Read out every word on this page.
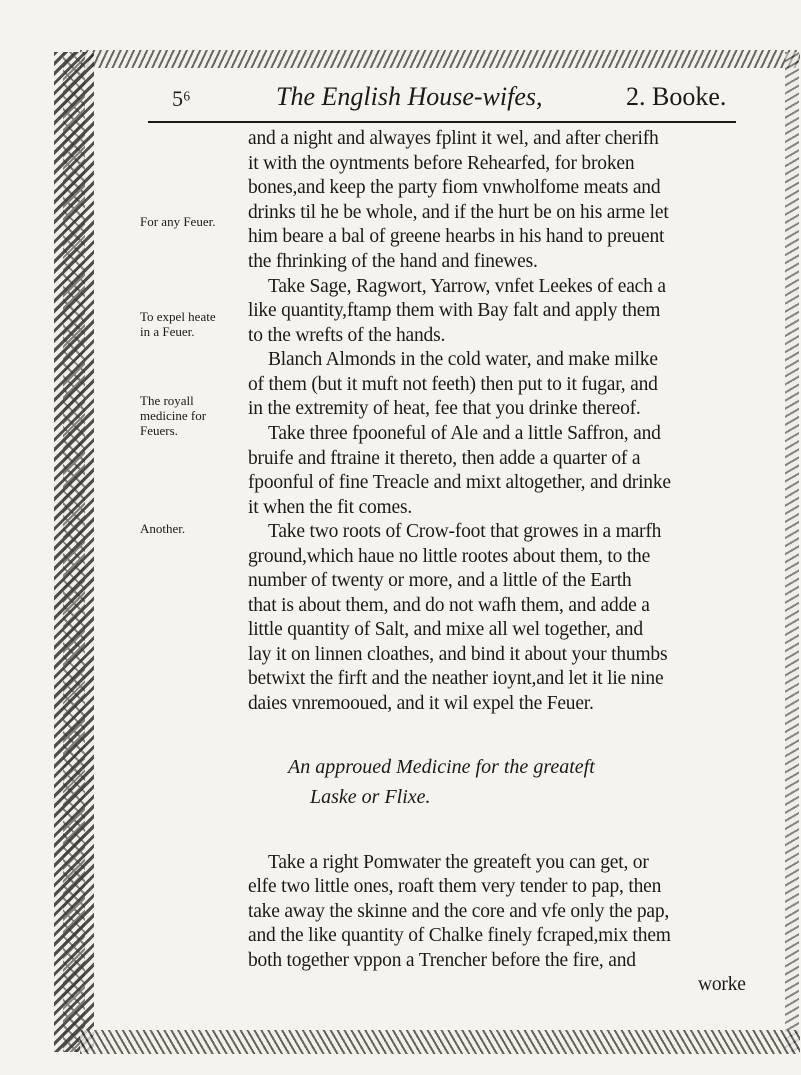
5⁶	The English House-wifes,	2. Booke.
For any Feuer.
To expel heate in a Feuer.
The royall medicine for Feuers.
Another.
and a night and alwayes fplint it wel, and after cherifh
it with the oyntments before Rehearfed, for broken
bones,and keep the party fiom vnwholfome meats and
drinks til he be whole, and if the hurt be on his arme let
him beare a bal of greene hearbs in his hand to preuent
the fhrinking of the hand and finewes.
Take Sage, Ragwort, Yarrow, vnfet Leekes of each a
like quantity,ftamp them with Bay falt and apply them
to the wrefts of the hands.
Blanch Almonds in the cold water, and make milke
of them (but it muft not feeth) then put to it fugar, and
in the extremity of heat, fee that you drinke thereof.
Take three fpooneful of Ale and a little Saffron, and
bruife and ftraine it thereto, then adde a quarter of a
fpoonful of fine Treacle and mixt altogether, and drinke
it when the fit comes.
Take two roots of Crow-foot that growes in a marfh
ground,which haue no little rootes about them, to the
number of twenty or more, and a little of the Earth
that is about them, and do not wafh them, and adde a
little quantity of Salt, and mixe all wel together, and
lay it on linnen cloathes, and bind it about your thumbs
betwixt the firft and the neather ioynt,and let it lie nine
daies vnremooued, and it wil expel the Feuer.
An approued Medicine for the greateft
Laske or Flixe.
Take a right Pomwater the greateft you can get, or
elfe two little ones, roaft them very tender to pap, then
take away the skinne and the core and vfe only the pap,
and the like quantity of Chalke finely fcraped,mix them
both together vppon a Trencher before the fire, and
worke
